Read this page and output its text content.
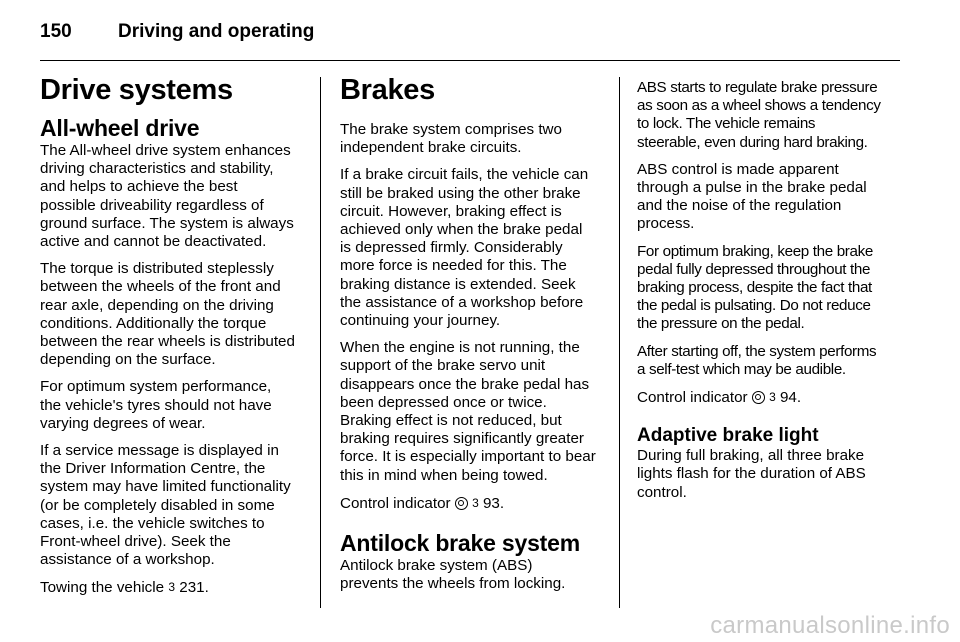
150 Driving and operating
Drive systems
All-wheel drive

The All-wheel drive system enhances
driving characteristics and stability,
and helps to achieve the best
possible driveability regardless of
ground surface. The system is always
active and cannot be deactivated.

The torque is distributed steplessly
between the wheels of the front and
rear axle, depending on the driving
conditions. Additionally the torque
between the rear wheels is distributed
depending on the surface.

For optimum system performance,
the vehicle's tyres should not have
varying degrees of wear.

If a service message is displayed in
the Driver Information Centre, the
system may have limited functionality
(or be completely disabled in some
cases, i.e. the vehicle switches to
Front-wheel drive). Seek the
assistance of a workshop.

Towing the vehicle 3 231.

Brakes

The brake system comprises two
independent brake circuits.

If a brake circuit fails, the vehicle can
still be braked using the other brake
circuit. However, braking effect is
achieved only when the brake pedal
is depressed firmly. Considerably
more force is needed for this. The
braking distance is extended. Seek
the assistance of a workshop before
continuing your journey.

When the engine is not running, the
support of the brake servo unit
disappears once the brake pedal has
been depressed once or twice.
Braking effect is not reduced, but
braking requires significantly greater
force. It is especially important to bear
this in mind when being towed.

Control indicator 3 93.

Antilock brake system

Antilock brake system (ABS)
prevents the wheels from locking.

ABS starts to regulate brake pressure
as soon as a wheel shows a tendency
to lock. The vehicle remains
steerable, even during hard braking.

ABS control is made apparent
through a pulse in the brake pedal
and the noise of the regulation
process.

For optimum braking, keep the brake
pedal fully depressed throughout the
braking process, despite the fact that
the pedal is pulsating. Do not reduce
the pressure on the pedal.

After starting off, the system performs
a self-test which may be audible.

Control indicator 3 94.

Adaptive brake light

During full braking, all three brake
lights flash for the duration of ABS
control.

carmanualsonline.info
